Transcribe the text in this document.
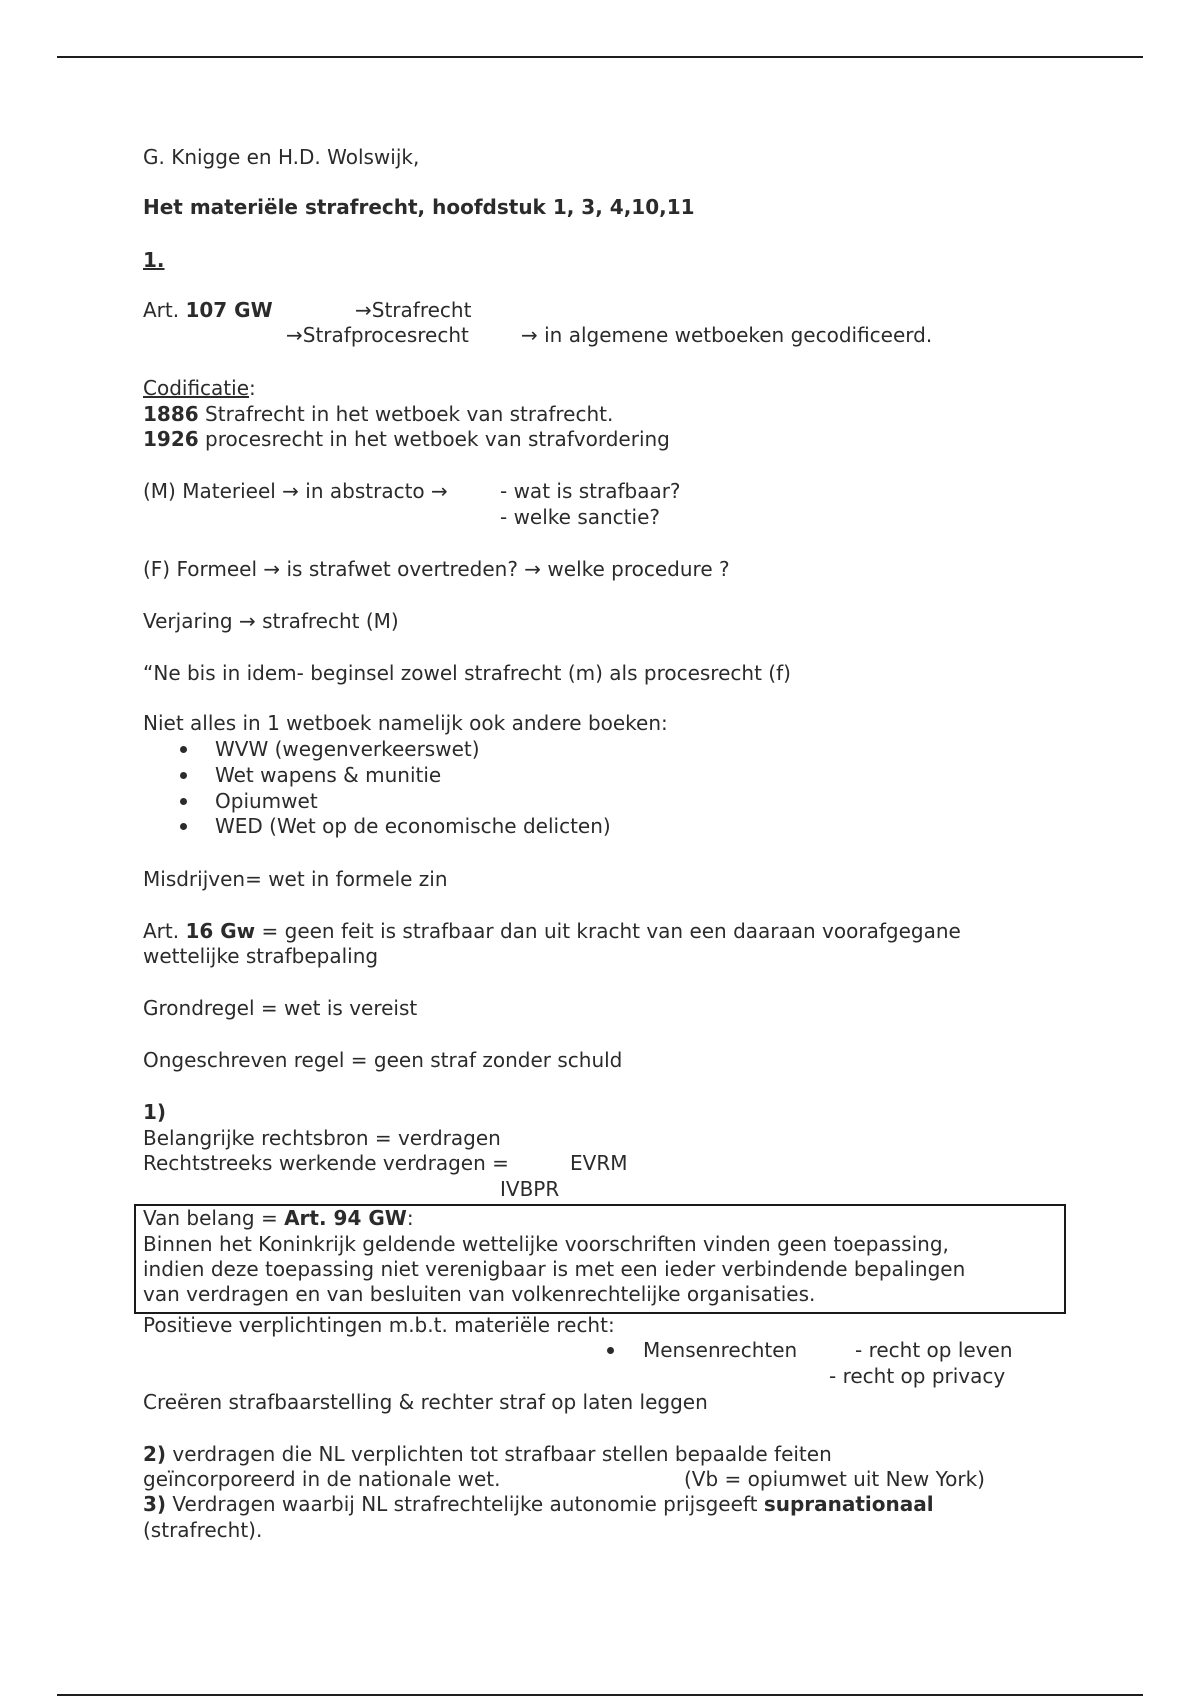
G. Knigge en H.D. Wolswijk,
Het materiële strafrecht, hoofdstuk 1, 3, 4,10,11
1.
Art. 107 GW	→Strafrecht
→Strafprocesrecht	→ in algemene wetboeken gecodificeerd.
Codificatie:
1886 Strafrecht in het wetboek van strafrecht.
1926 procesrecht in het wetboek van strafvordering
(M) Materieel → in abstracto →	- wat is strafbaar?
- welke sanctie?
(F) Formeel → is strafwet overtreden? → welke procedure ?
Verjaring → strafrecht (M)
“Ne bis in idem- beginsel zowel strafrecht (m) als procesrecht (f)
Niet alles in 1 wetboek namelijk ook andere boeken:
WVW (wegenverkeerswet)
Wet wapens & munitie
Opiumwet
WED (Wet op de economische delicten)
Misdrijven= wet in formele zin
Art. 16 Gw = geen feit is strafbaar dan uit kracht van een daaraan voorafgegane
wettelijke strafbepaling
Grondregel = wet is vereist
Ongeschreven regel = geen straf zonder schuld
1)
Belangrijke rechtsbron = verdragen
Rechtstreeks werkende verdragen =	EVRM
IVBPR
Van belang = Art. 94 GW:
Binnen het Koninkrijk geldende wettelijke voorschriften vinden geen toepassing,
indien deze toepassing niet verenigbaar is met een ieder verbindende bepalingen
van verdragen en van besluiten van volkenrechtelijke organisaties.
Positieve verplichtingen m.b.t. materiële recht:
Mensenrechten	- recht op leven
- recht op privacy
Creëren strafbaarstelling & rechter straf op laten leggen
2) verdragen die NL verplichten tot strafbaar stellen bepaalde feiten
geïncorporeerd in de nationale wet.	(Vb = opiumwet uit New York)
3) Verdragen waarbij NL strafrechtelijke autonomie prijsgeeft supranationaal
(strafrecht).
